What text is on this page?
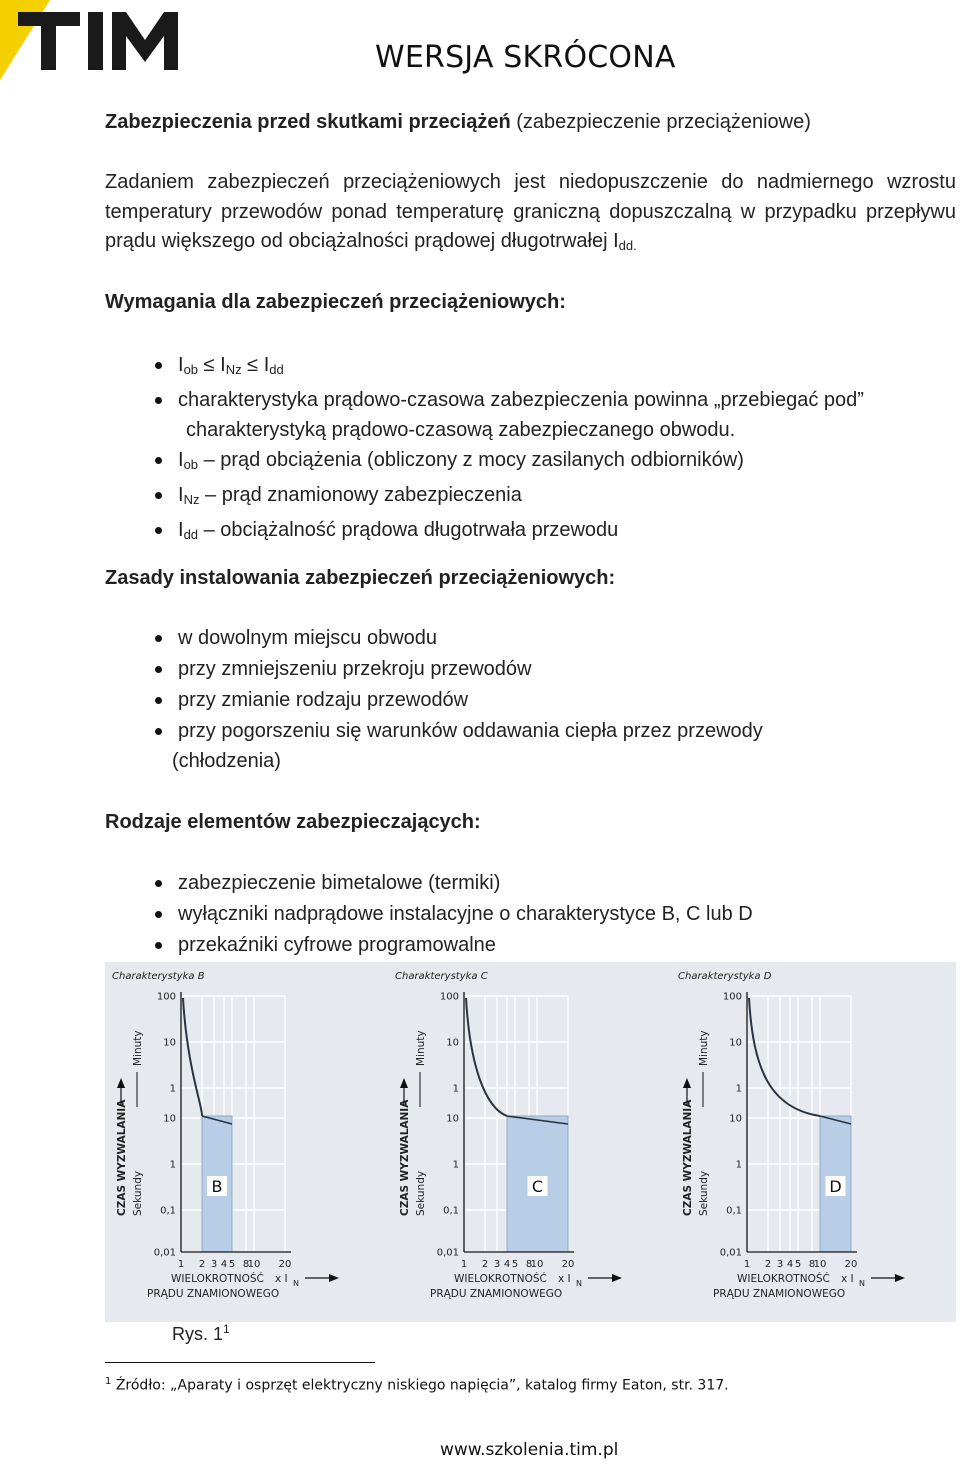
WERSJA SKRÓCONA
Zabezpieczenia przed skutkami przeciążeń (zabezpieczenie przeciążeniowe)
Zadaniem zabezpieczeń przeciążeniowych jest niedopuszczenie do nadmiernego wzrostu temperatury przewodów ponad temperaturę graniczną dopuszczalną w przypadku przepływu prądu większego od obciążalności prądowej długotrwałej $I_{dd.}$
Wymagania dla zabezpieczeń przeciążeniowych:
$I_{ob} \le I_{Nz} \le I_{dd}$
charakterystyka prądowo-czasowa zabezpieczenia powinna „przebiegać pod”
charakterystyką prądowo-czasową zabezpieczanego obwodu.
$I_{ob}$ – prąd obciążenia (obliczony z mocy zasilanych odbiorników)
$I_{Nz}$ – prąd znamionowy zabezpieczenia
$I_{dd}$ – obciążalność prądowa długotrwała przewodu
Zasady instalowania zabezpieczeń przeciążeniowych:
w dowolnym miejscu obwodu
przy zmniejszeniu przekroju przewodów
przy zmianie rodzaju przewodów
przy pogorszeniu się warunków oddawania ciepła przez przewody
(chłodzenia)
Rodzaje elementów zabezpieczających:
zabezpieczenie bimetalowe (termiki)
wyłączniki nadprądowe instalacyjne o charakterystyce B, C lub D
przekaźniki cyfrowe programowalne
Charakterystyka B
100
10
1
10
1
0,1
0,01
1 2 3 4 5 8
10 20
B
CZAS WYZWALANIA
Minuty
Sekundy
WIELOKROTNOŚĆ x I N
PRĄDU ZNAMIONOWEGO
Charakterystyka C
100
10
1
10
1
0,1
0,01
1 2 3 4 5 8
10 20
C
CZAS WYZWALANIA
Minuty
Sekundy
WIELOKROTNOŚĆ x I N
PRĄDU ZNAMIONOWEGO
Charakterystyka D
100
10
1
10
1
0,1
0,01
1 2 3 4 5 8
10 20
D
CZAS WYZWALANIA
Minuty
Sekundy
WIELOKROTNOŚĆ x I N
PRĄDU ZNAMIONOWEGO
Rys. $1^1$
$^1$ Źródło: „Aparaty i osprzęt elektryczny niskiego napięcia”, katalog firmy Eaton, str. 317.
www.szkolenia.tim.pl
